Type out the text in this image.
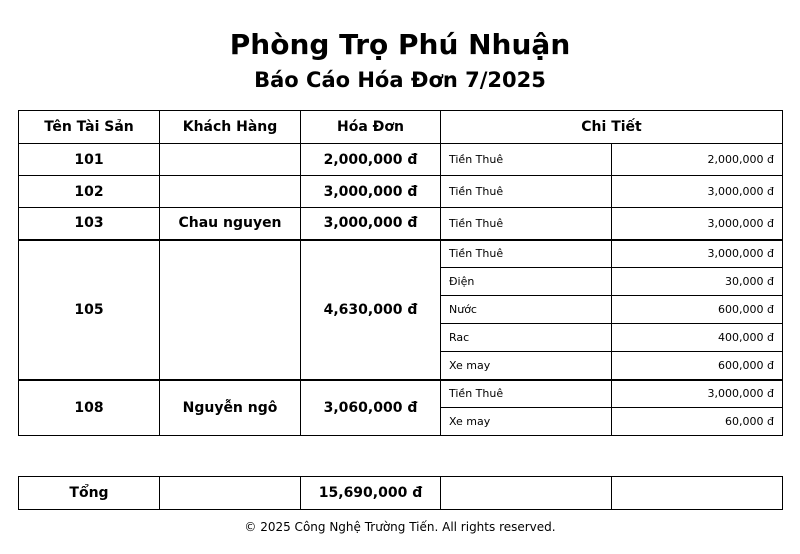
Phòng Trọ Phú Nhuận
Báo Cáo Hóa Đơn 7/2025
Tên Tài Sản	Khách Hàng	Hóa Đơn	Chi Tiết	
101		2,000,000 đ	Tiền Thuê	2,000,000 đ
102		3,000,000 đ	Tiền Thuê	3,000,000 đ
103	Chau nguyen	3,000,000 đ	Tiền Thuê	3,000,000 đ
105		4,630,000 đ	Tiền Thuê	3,000,000 đ
			Điện	30,000 đ
			Nước	600,000 đ
			Rac	400,000 đ
			Xe may	600,000 đ
108	Nguyễn ngô	3,060,000 đ	Tiền Thuê	3,000,000 đ
			Xe may	60,000 đ
Tổng		15,690,000 đ		
© 2025 Công Nghệ Trường Tiến. All rights reserved.
